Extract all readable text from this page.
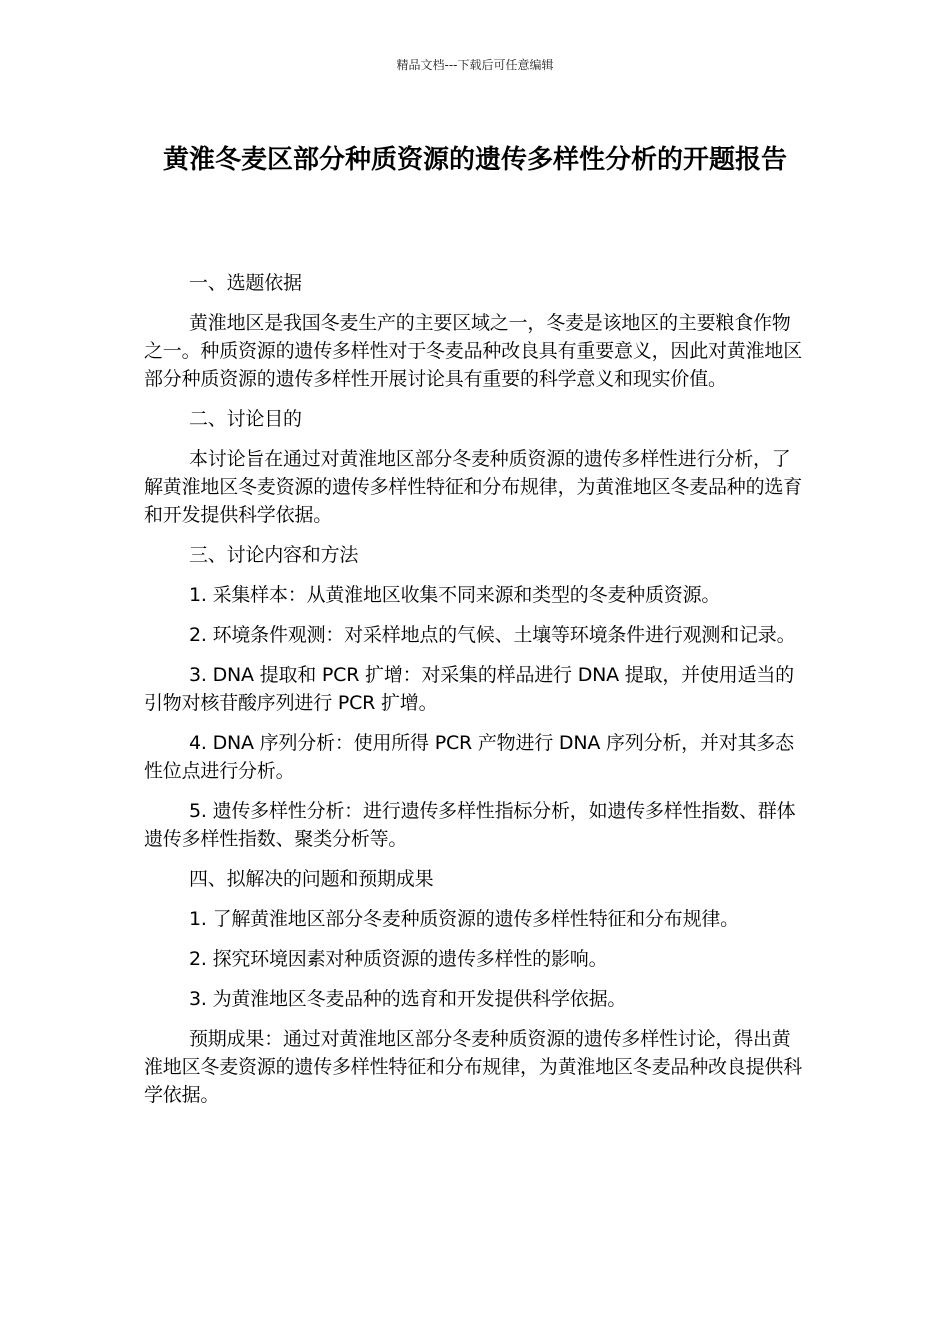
精品文档---下载后可任意编辑
黄淮冬麦区部分种质资源的遗传多样性分析的开题报告

一、选题依据

黄淮地区是我国冬麦生产的主要区域之一，冬麦是该地区的主要粮食作物之一。种质资源的遗传多样性对于冬麦品种改良具有重要意义，因此对黄淮地区部分种质资源的遗传多样性开展讨论具有重要的科学意义和现实价值。

二、讨论目的

本讨论旨在通过对黄淮地区部分冬麦种质资源的遗传多样性进行分析，了解黄淮地区冬麦资源的遗传多样性特征和分布规律，为黄淮地区冬麦品种的选育和开发提供科学依据。

三、讨论内容和方法

1. 采集样本：从黄淮地区收集不同来源和类型的冬麦种质资源。

2. 环境条件观测：对采样地点的气候、土壤等环境条件进行观测和记录。

3. DNA 提取和 PCR 扩增：对采集的样品进行 DNA 提取，并使用适当的引物对核苷酸序列进行 PCR 扩增。

4. DNA 序列分析：使用所得 PCR 产物进行 DNA 序列分析，并对其多态性位点进行分析。

5. 遗传多样性分析：进行遗传多样性指标分析，如遗传多样性指数、群体遗传多样性指数、聚类分析等。

四、拟解决的问题和预期成果

1. 了解黄淮地区部分冬麦种质资源的遗传多样性特征和分布规律。

2. 探究环境因素对种质资源的遗传多样性的影响。

3. 为黄淮地区冬麦品种的选育和开发提供科学依据。

预期成果：通过对黄淮地区部分冬麦种质资源的遗传多样性讨论，得出黄淮地区冬麦资源的遗传多样性特征和分布规律，为黄淮地区冬麦品种改良提供科学依据。
